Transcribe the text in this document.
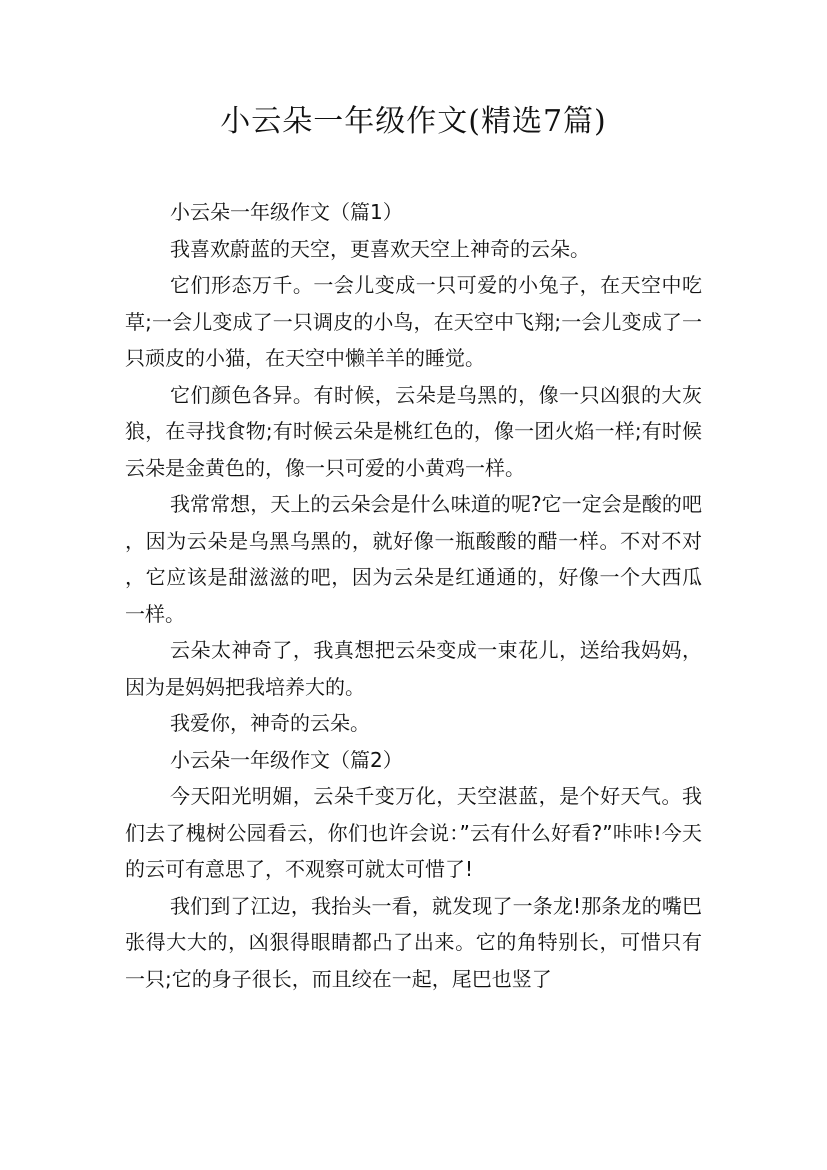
小云朵一年级作文(精选7篇)

小云朵一年级作文（篇1）

我喜欢蔚蓝的天空，更喜欢天空上神奇的云朵。

它们形态万千。一会儿变成一只可爱的小兔子，在天空中吃草;一会儿变成了一只调皮的小鸟，在天空中飞翔;一会儿变成了一只顽皮的小猫，在天空中懒羊羊的睡觉。

它们颜色各异。有时候，云朵是乌黑的，像一只凶狠的大灰狼，在寻找食物;有时候云朵是桃红色的，像一团火焰一样;有时候云朵是金黄色的，像一只可爱的小黄鸡一样。

我常常想，天上的云朵会是什么味道的呢?它一定会是酸的吧，因为云朵是乌黑乌黑的，就好像一瓶酸酸的醋一样。不对不对，它应该是甜滋滋的吧，因为云朵是红通通的，好像一个大西瓜一样。

云朵太神奇了，我真想把云朵变成一束花儿，送给我妈妈，因为是妈妈把我培养大的。

我爱你，神奇的云朵。

小云朵一年级作文（篇2）

今天阳光明媚，云朵千变万化，天空湛蓝，是个好天气。我们去了槐树公园看云，你们也许会说：”云有什么好看?”咔咔!今天的云可有意思了，不观察可就太可惜了!

我们到了江边，我抬头一看，就发现了一条龙!那条龙的嘴巴张得大大的，凶狠得眼睛都凸了出来。它的角特别长，可惜只有一只;它的身子很长，而且绞在一起，尾巴也竖了
